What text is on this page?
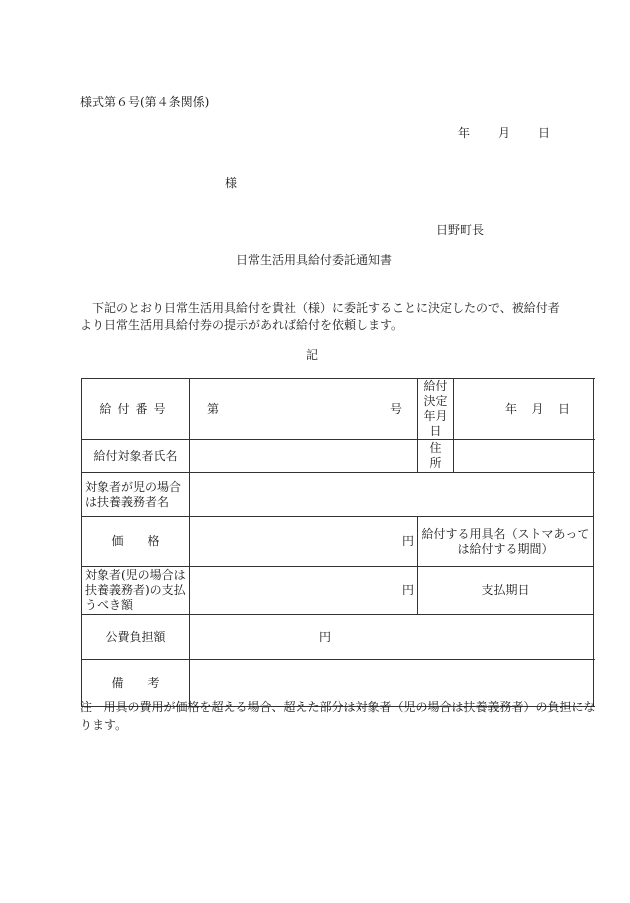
様式第６号(第４条関係)
年 月 日
様
日野町長
日常生活用具給付委託通知書

下記のとおり日常生活用具給付を貴社（様）に委託することに決定したので、被給付者より日常生活用具給付券の提示があれば給付を依頼します。

記
給付番号	第 号	給付決定年月日	年 月 日	

給付対象者氏名		住　所		
対象者が児の場合は扶養義務者名				
価　　格	円	給付する用具名（ストマあっては給付する期間）		
対象者(児の場合は扶養義務者)の支払うべき額	円	支払期日		
公費負担額	円			
備　　考				
注 用具の費用が価格を超える場合、超えた部分は対象者（児の場合は扶養義務者）の負担になります。
